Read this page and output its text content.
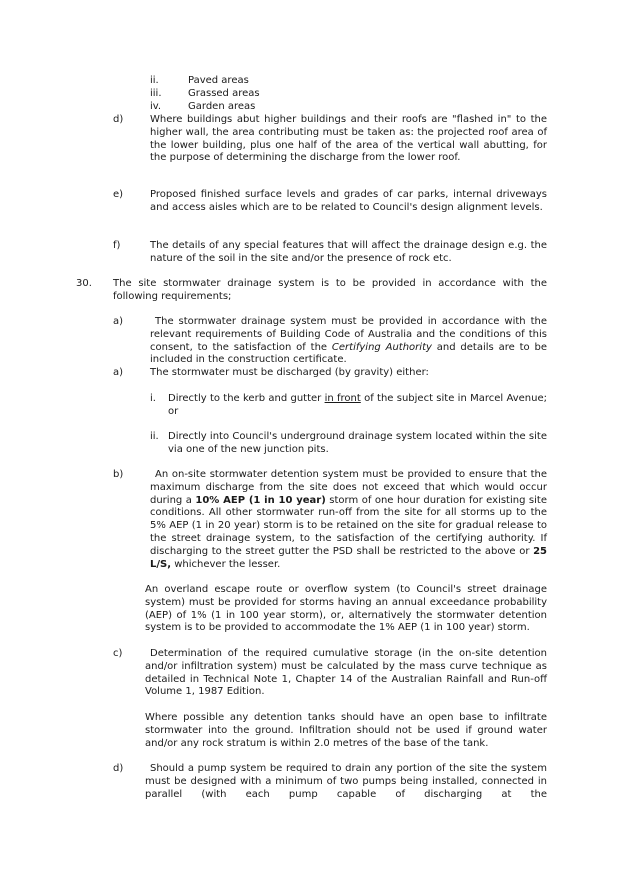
ii.	Paved areas
iii.	Grassed areas
iv.	Garden areas
d)	Where buildings abut higher buildings and their roofs are "flashed in" to the higher wall, the area contributing must be taken as: the projected roof area of the lower building, plus one half of the area of the vertical wall abutting, for the purpose of determining the discharge from the lower roof.
e)	Proposed finished surface levels and grades of car parks, internal driveways and access aisles which are to be related to Council's design alignment levels.
f)	The details of any special features that will affect the drainage design e.g. the nature of the soil in the site and/or the presence of rock etc.
30. The site stormwater drainage system is to be provided in accordance with the following requirements;
a)	The stormwater drainage system must be provided in accordance with the relevant requirements of Building Code of Australia and the conditions of this consent, to the satisfaction of the Certifying Authority and details are to be included in the construction certificate.
a)	The stormwater must be discharged (by gravity) either:
i. Directly to the kerb and gutter in front of the subject site in Marcel Avenue; or
ii. Directly into Council's underground drainage system located within the site via one of the new junction pits.
b)	An on-site stormwater detention system must be provided to ensure that the maximum discharge from the site does not exceed that which would occur during a 10% AEP (1 in 10 year) storm of one hour duration for existing site conditions. All other stormwater run-off from the site for all storms up to the 5% AEP (1 in 20 year) storm is to be retained on the site for gradual release to the street drainage system, to the satisfaction of the certifying authority. If discharging to the street gutter the PSD shall be restricted to the above or 25 L/S, whichever the lesser.
An overland escape route or overflow system (to Council's street drainage system) must be provided for storms having an annual exceedance probability (AEP) of 1% (1 in 100 year storm), or, alternatively the stormwater detention system is to be provided to accommodate the 1% AEP (1 in 100 year) storm.
c)	Determination of the required cumulative storage (in the on-site detention and/or infiltration system) must be calculated by the mass curve technique as detailed in Technical Note 1, Chapter 14 of the Australian Rainfall and Run-off Volume 1, 1987 Edition.
Where possible any detention tanks should have an open base to infiltrate stormwater into the ground. Infiltration should not be used if ground water and/or any rock stratum is within 2.0 metres of the base of the tank.
d)	Should a pump system be required to drain any portion of the site the system must be designed with a minimum of two pumps being installed, connected in parallel (with each pump capable of discharging at the
